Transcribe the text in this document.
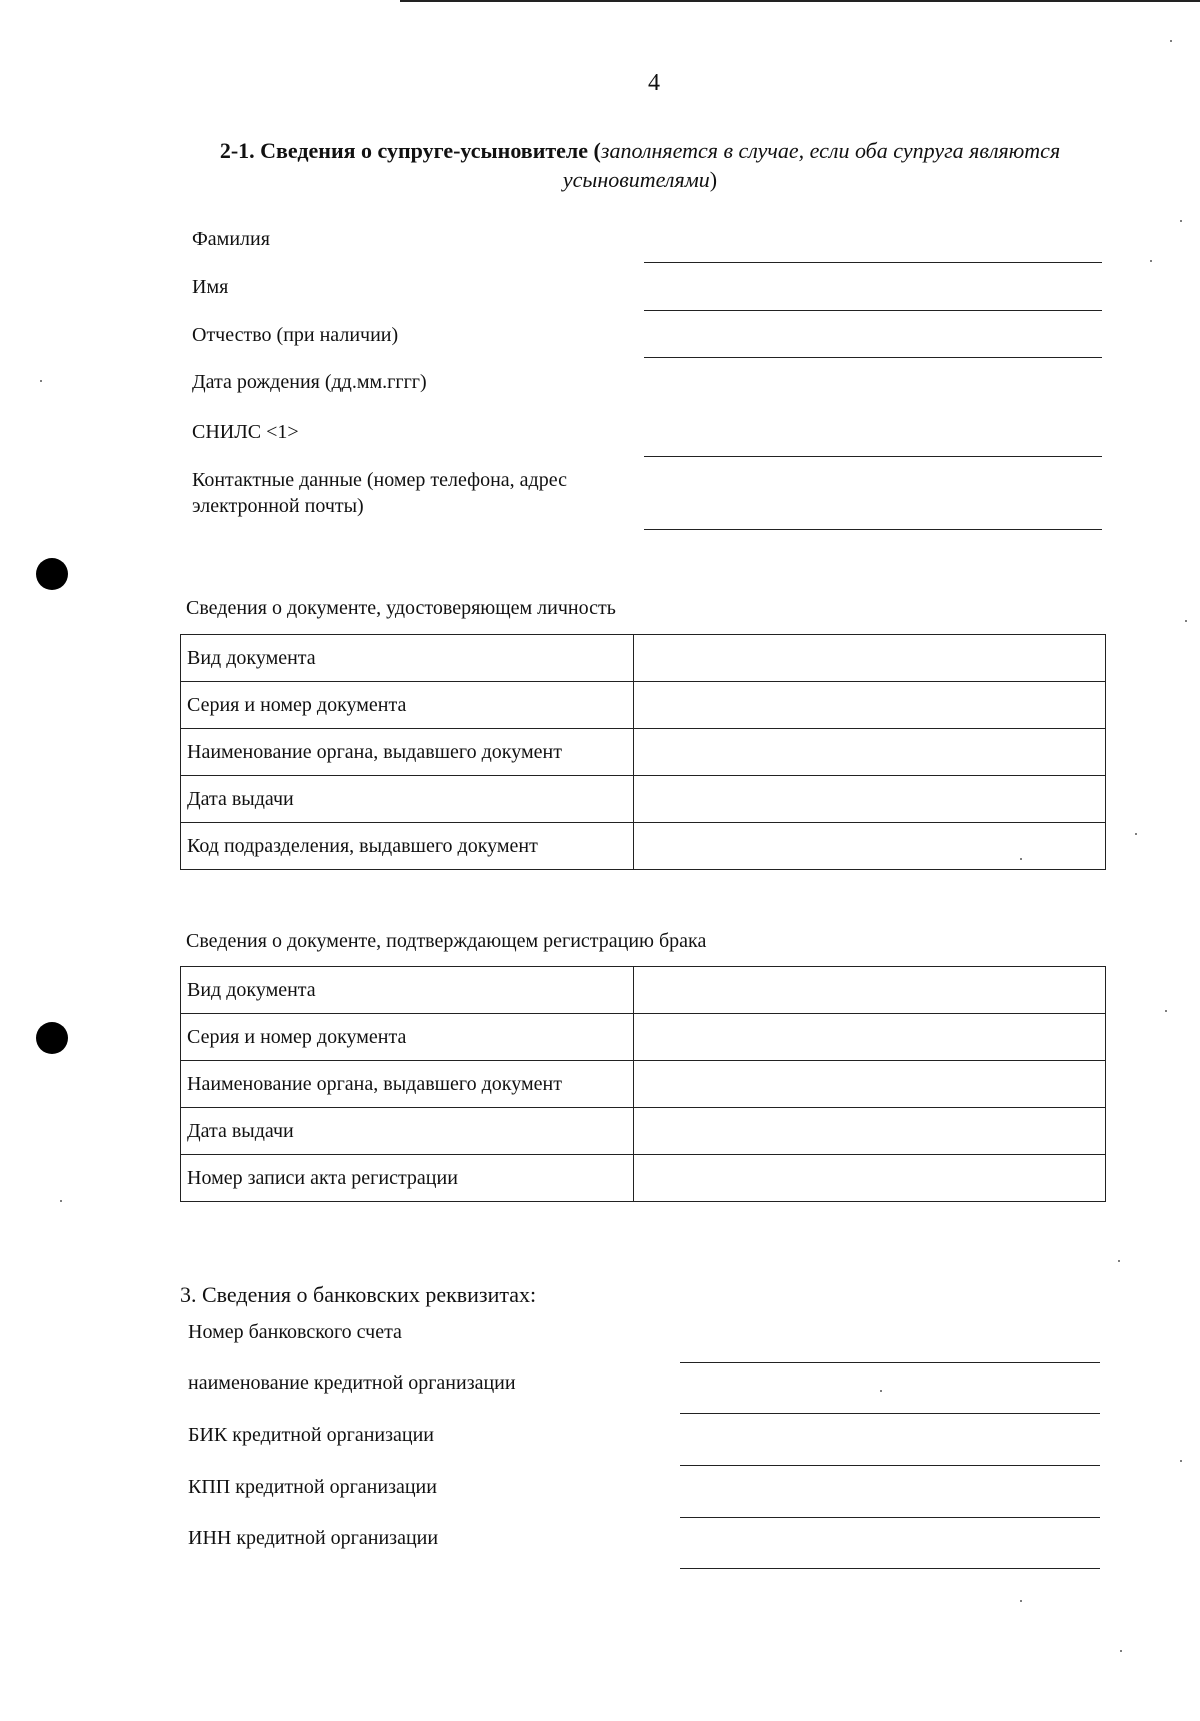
4
2-1. Сведения о супруге-усыновителе (заполняется в случае, если оба супруга являются усыновителями)
Фамилия
Имя
Отчество (при наличии)
Дата рождения (дд.мм.гггг)
СНИЛС <1>
Контактные данные (номер телефона, адрес электронной почты)
Сведения о документе, удостоверяющем личность
Вид документа	
Серия и номер документа	
Наименование органа, выдавшего документ	
Дата выдачи	
Код подразделения, выдавшего документ	
Сведения о документе, подтверждающем регистрацию брака
Вид документа	
Серия и номер документа	
Наименование органа, выдавшего документ	
Дата выдачи	
Номер записи акта регистрации	
3. Сведения о банковских реквизитах:
Номер банковского счета
наименование кредитной организации
БИК кредитной организации
КПП кредитной организации
ИНН кредитной организации
